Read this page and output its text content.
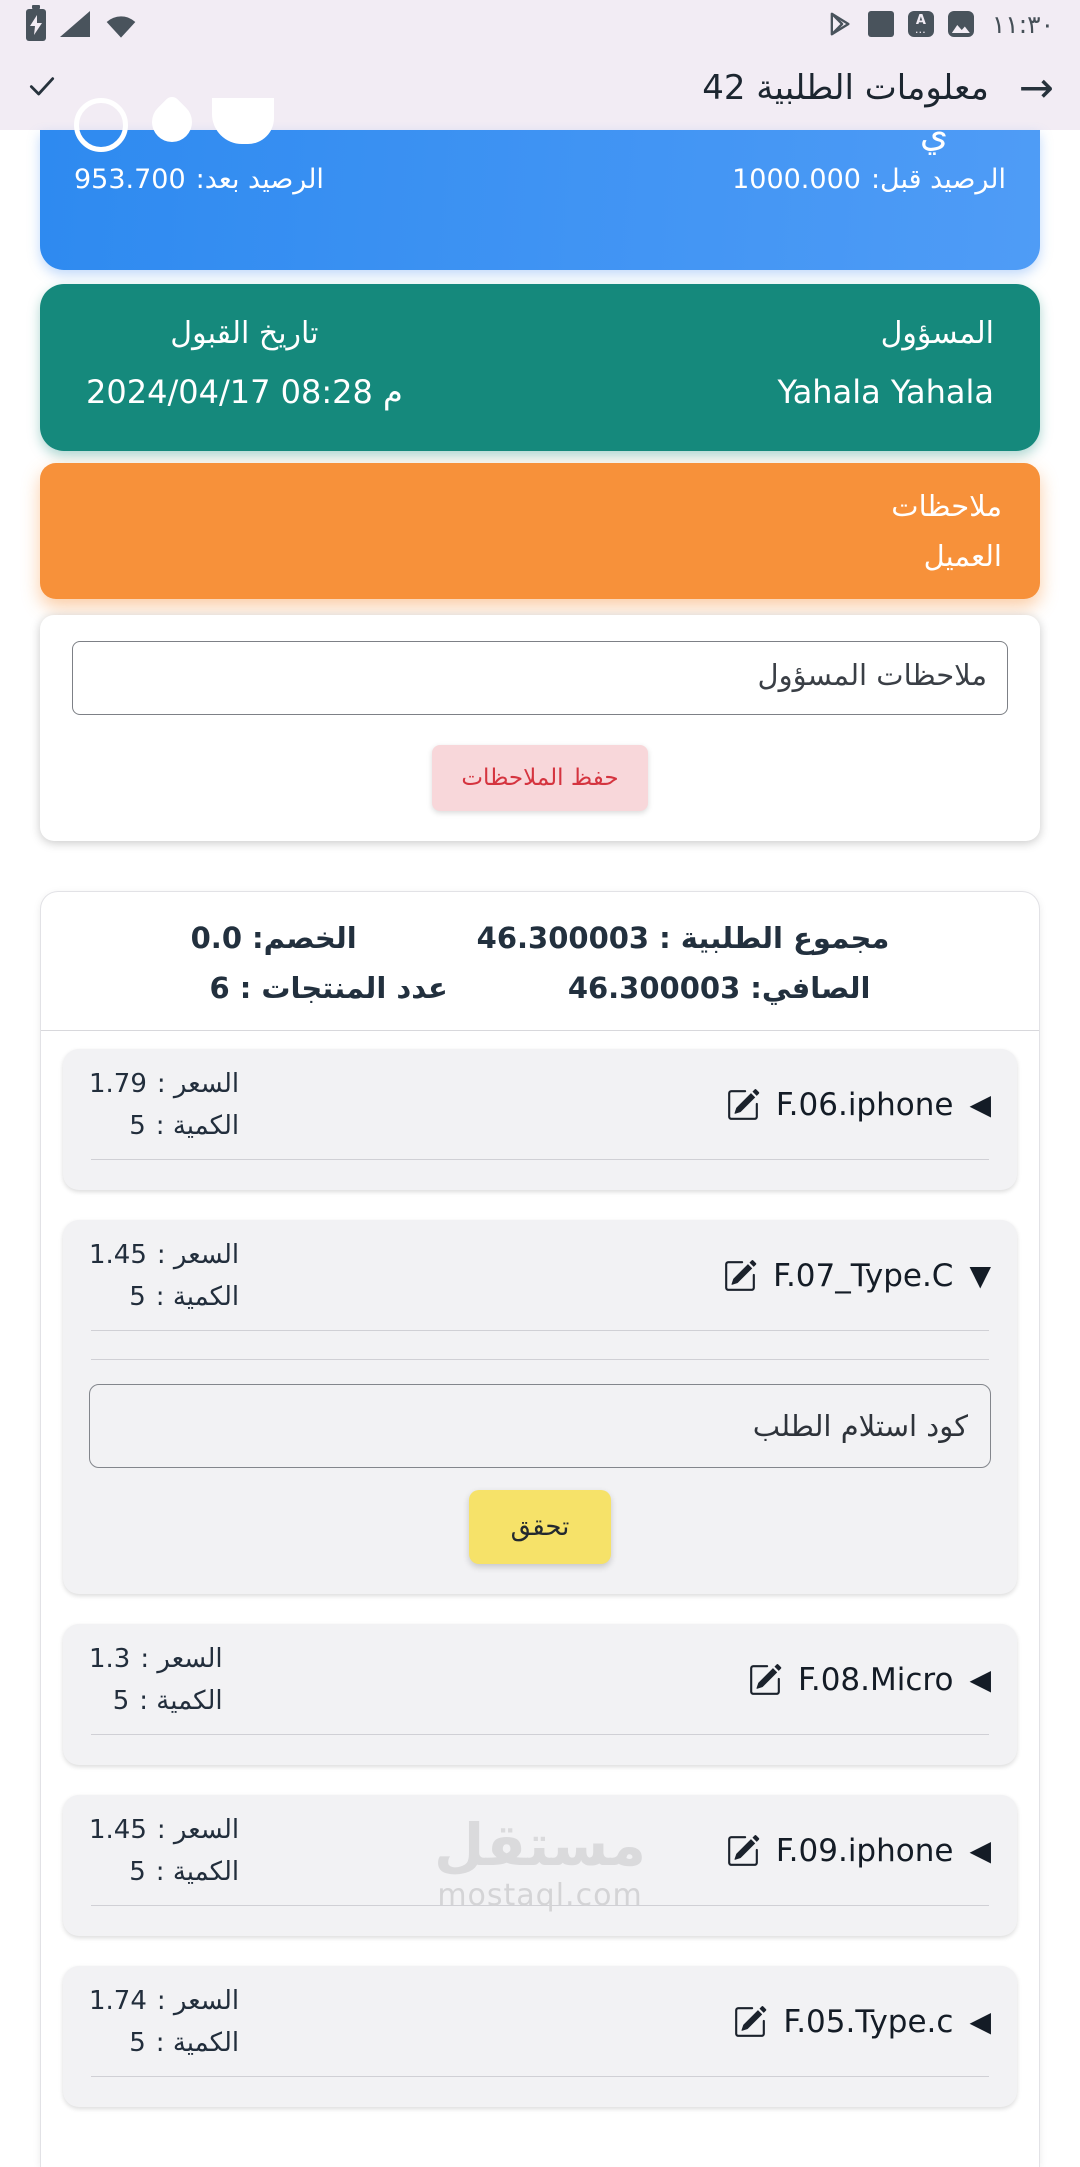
A
...	١١:٣٠
معلومات الطلبية 42 →
ي
الرصيد قبل:
1000.000
الرصيد بعد:
953.700
المسؤول
Yahala Yahala
تاريخ القبول
م 08:28 2024/04/17
ملاحظات
العميل
ملاحظات المسؤول
حفظ الملاحظات
مجموع الطلبية :
46.300003
الخصم:
0.0
الصافي:
46.300003
عدد المنتجات :
6
◀
F.06.iphone
السعر :
1.79
الكمية :
5
▼
F.07_Type.C
السعر :
1.45
الكمية :
5
كود استلام الطلب
تحقق
◀
F.08.Micro
السعر :
1.3
الكمية :
5
◀
F.09.iphone
السعر :
1.45
الكمية :
5
◀
F.05.Type.c
السعر :
1.74
الكمية :
5
مستقل
mostaql.com
